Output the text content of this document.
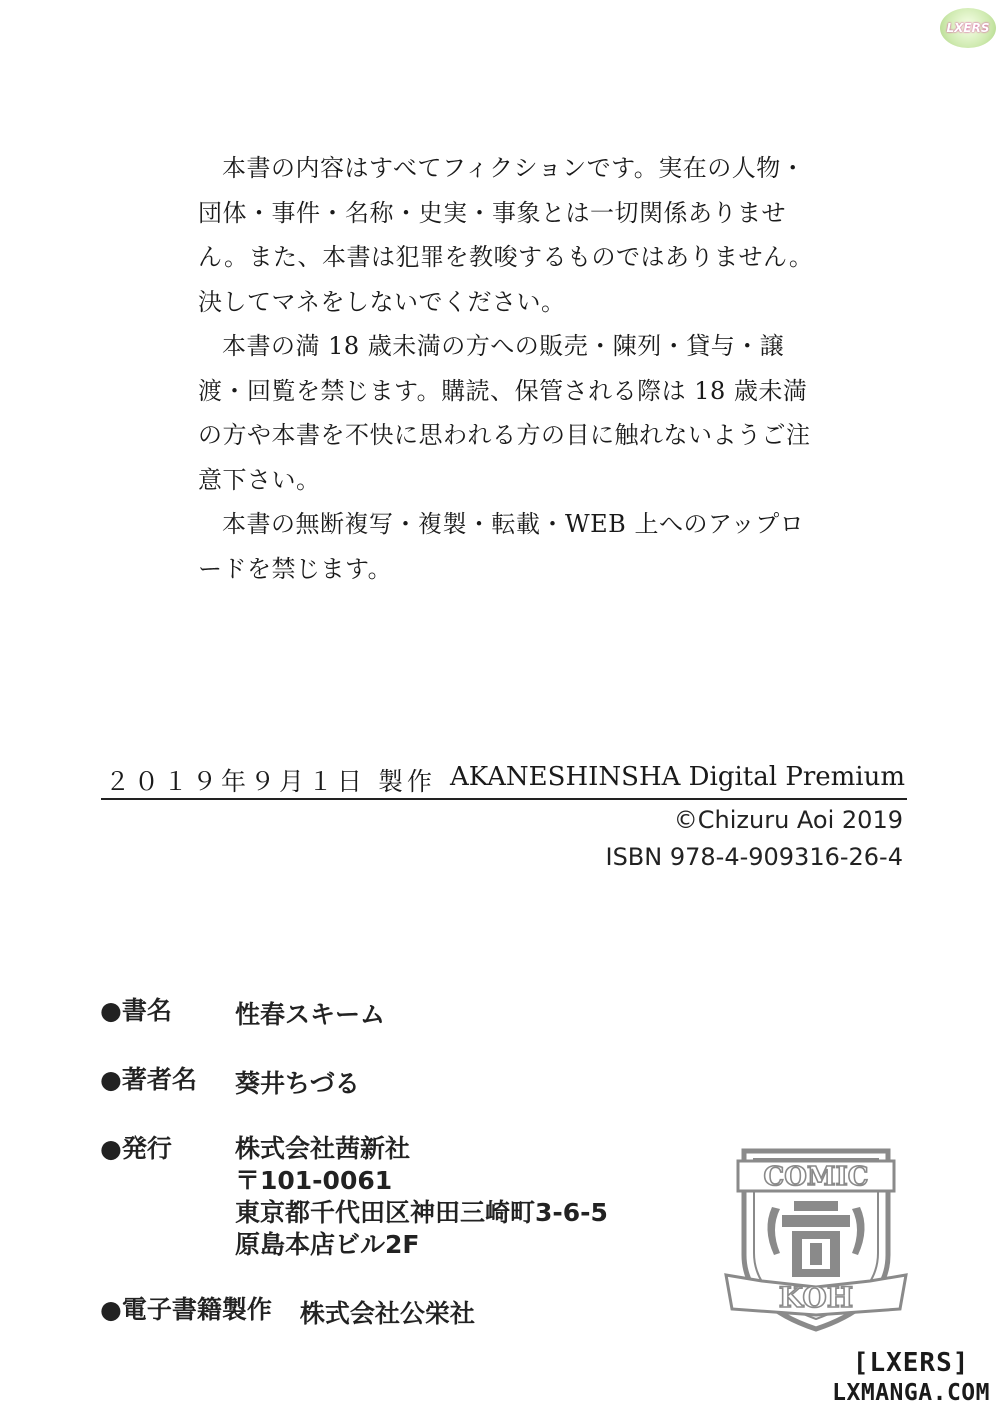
LXERS

本書の内容はすべてフィクションです。実在の人物・団体・事件・名称・史実・事象とは一切関係ありません。また、本書は犯罪を教唆するものではありません。

決してマネをしないでください。

本書の満 18 歳未満の方への販売・陳列・貸与・譲渡・回覧を禁じます。購読、保管される際は 18 歳未満の方や本書を不快に思われる方の目に触れないようご注意下さい。

本書の無断複写・複製・転載・WEB 上へのアップロードを禁じます。

２０１９年９月１日 製作 AKANESHINSHA Digital Premium
©Chizuru Aoi 2019
ISBN 978-4-909316-26-4
●書名	性春スキーム
●著者名	葵井ちづる
●発行	株式会社茜新社
〒101-0061
東京都千代田区神田三崎町3-6-5
原島本店ビル2F
●電子書籍製作 株式会社公栄社
COMIC
KOH
[LXERS]
LXMANGA.COM
